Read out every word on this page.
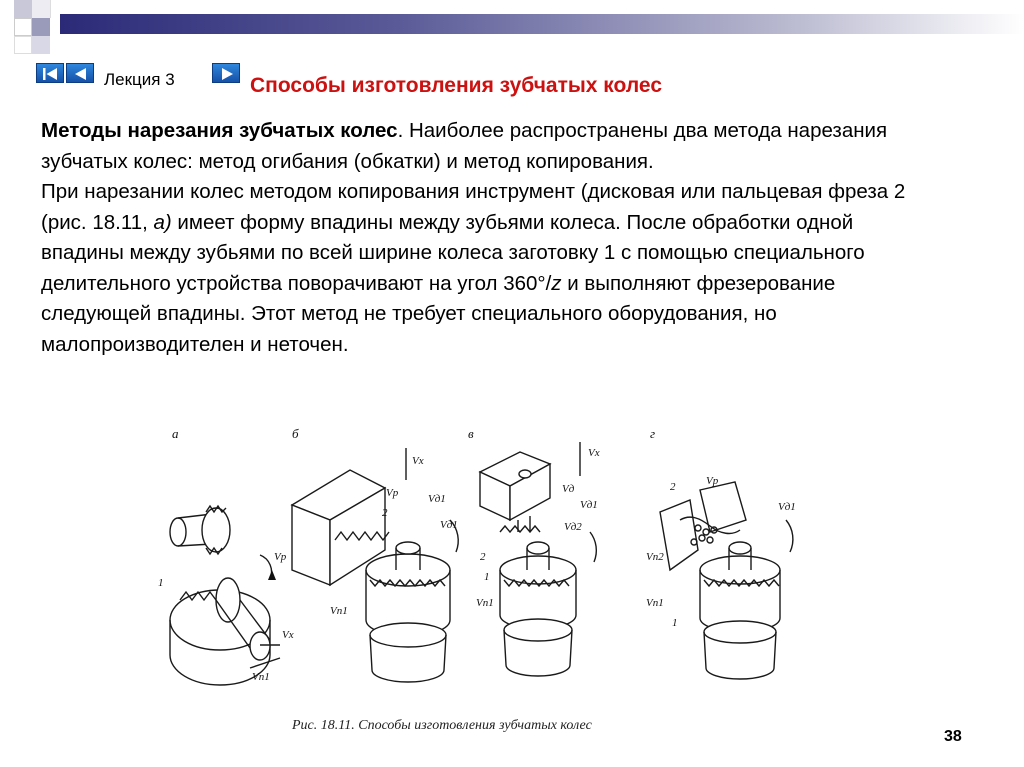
Лекция 3	Способы изготовления зубчатых колес

Методы нарезания зубчатых колес. Наиболее распространены два метода нарезания зубчатых колес: метод огибания (обкатки) и метод копирования.

При нарезании колес методом копирования инструмент (дисковая или пальцевая фреза 2 (рис. 18.11, а) имеет форму впадины между зубьями колеса. После обработки одной впадины между зубьями по всей ширине колеса заготовку 1 с помощью специального делительного устройства поворачивают на угол 360°/z и выполняют фрезерование следующей впадины. Этот метод не требует специального оборудования, но малопроизводителен и неточен.

а	б	в	г
Vр
1
Vx
Vп1
Vx
Vр
2
Vд1
Vд1
Vп1
Vx
Vд
Vд1
Vд2
2
1
Vп1
2	Vр
Vд1
Vп2
Vп1
1
Рис. 18.11. Способы изготовления зубчатых колес
38
